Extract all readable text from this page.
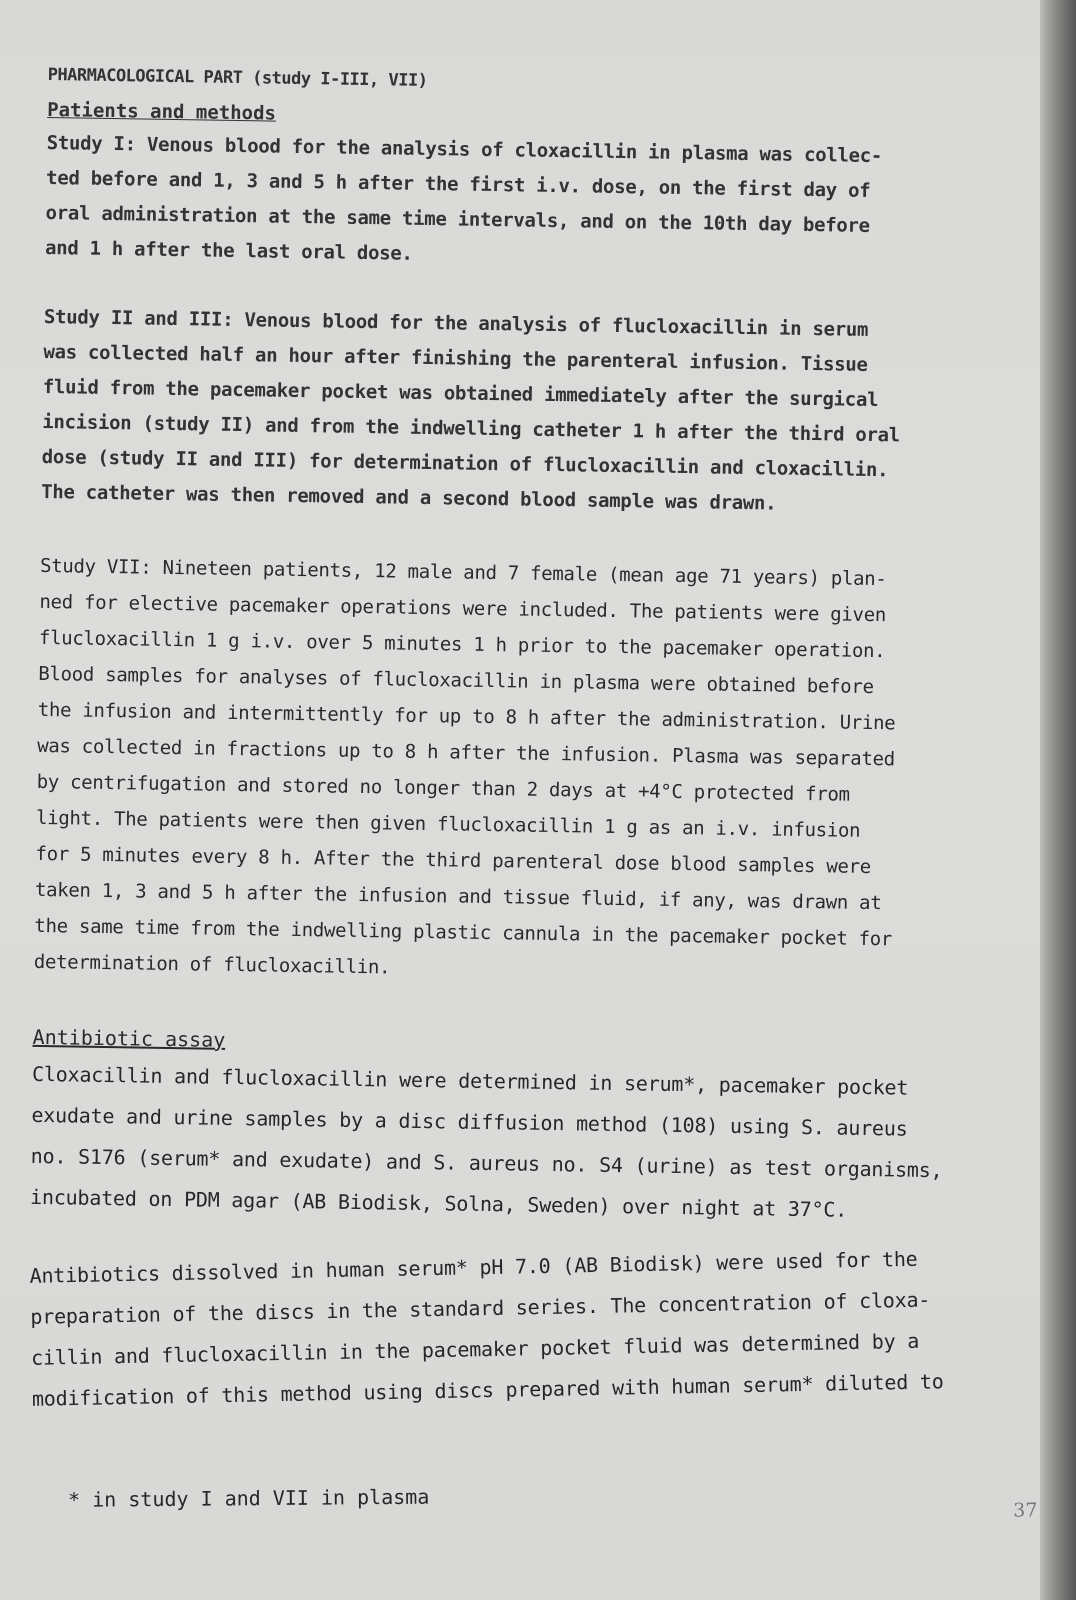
PHARMACOLOGICAL PART (study I-III, VII)

Patients and methods

Study I: Venous blood for the analysis of cloxacillin in plasma was collec-
ted before and 1, 3 and 5 h after the first i.v. dose, on the first day of
oral administration at the same time intervals, and on the 10th day before
and 1 h after the last oral dose.

Study II and III: Venous blood for the analysis of flucloxacillin in serum
was collected half an hour after finishing the parenteral infusion. Tissue
fluid from the pacemaker pocket was obtained immediately after the surgical
incision (study II) and from the indwelling catheter 1 h after the third oral
dose (study II and III) for determination of flucloxacillin and cloxacillin.
The catheter was then removed and a second blood sample was drawn.

Study VII: Nineteen patients, 12 male and 7 female (mean age 71 years) plan-
ned for elective pacemaker operations were included. The patients were given
flucloxacillin 1 g i.v. over 5 minutes 1 h prior to the pacemaker operation.
Blood samples for analyses of flucloxacillin in plasma were obtained before
the infusion and intermittently for up to 8 h after the administration. Urine
was collected in fractions up to 8 h after the infusion. Plasma was separated
by centrifugation and stored no longer than 2 days at +4°C protected from
light. The patients were then given flucloxacillin 1 g as an i.v. infusion
for 5 minutes every 8 h. After the third parenteral dose blood samples were
taken 1, 3 and 5 h after the infusion and tissue fluid, if any, was drawn at
the same time from the indwelling plastic cannula in the pacemaker pocket for
determination of flucloxacillin.

Antibiotic assay

Cloxacillin and flucloxacillin were determined in serum*, pacemaker pocket
exudate and urine samples by a disc diffusion method (108) using S. aureus
no. S176 (serum* and exudate) and S. aureus no. S4 (urine) as test organisms,
incubated on PDM agar (AB Biodisk, Solna, Sweden) over night at 37°C.

Antibiotics dissolved in human serum* pH 7.0 (AB Biodisk) were used for the
preparation of the discs in the standard series. The concentration of cloxa-
cillin and flucloxacillin in the pacemaker pocket fluid was determined by a
modification of this method using discs prepared with human serum* diluted to

* in study I and VII in plasma	37
